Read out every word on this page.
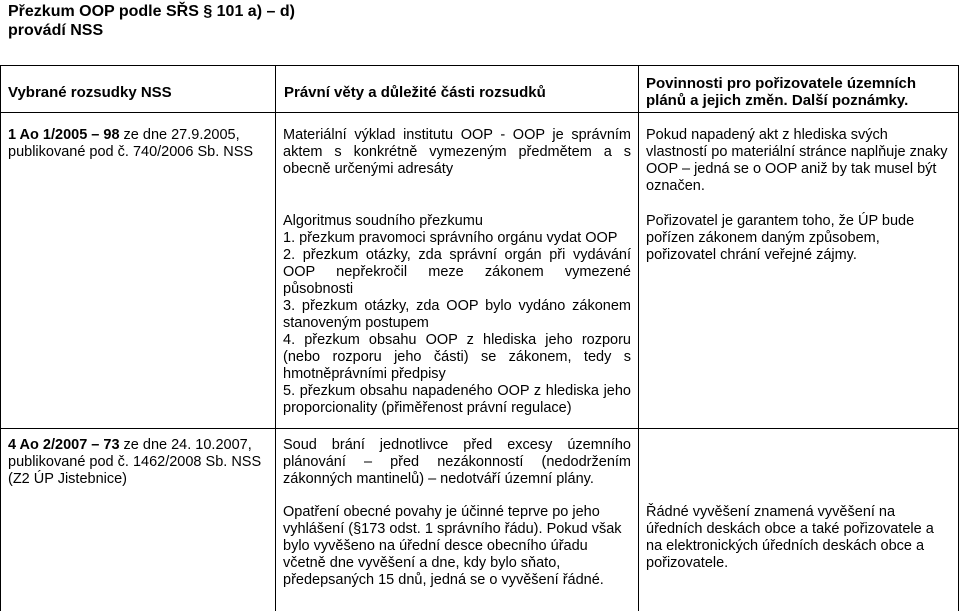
Přezkum OOP podle SŘS § 101 a) – d)
provádí NSS
Vybrané rozsudky NSS	Právní věty a důležité části rozsudků
Povinnosti pro pořizovatele územních
plánů a jejich změn. Další poznámky.
1 Ao 1/2005 – 98 ze dne 27.9.2005,
publikované pod č. 740/2006 Sb. NSS
Materiální výklad institutu OOP - OOP je správním aktem s konkrétně vymezeným předmětem a s obecně určenými adresáty
Pokud napadený akt z hlediska svých vlastností po materiální stránce naplňuje znaky OOP – jedná se o OOP aniž by tak musel být označen.

Algoritmus soudního přezkumu

1. přezkum pravomoci správního orgánu vydat OOP

2. přezkum otázky, zda správní orgán při vydávání OOP nepřekročil meze zákonem vymezené působnosti

3. přezkum otázky, zda OOP bylo vydáno zákonem stanoveným postupem

4. přezkum obsahu OOP z hlediska jeho rozporu (nebo rozporu jeho části) se zákonem, tedy s hmotněprávními předpisy

5. přezkum obsahu napadeného OOP z hlediska jeho proporcionality (přiměřenost právní regulace)

Pořizovatel je garantem toho, že ÚP bude pořízen zákonem daným způsobem, pořizovatel chrání veřejné zájmy.
4 Ao 2/2007 – 73 ze dne 24. 10.2007,
publikované pod č. 1462/2008 Sb. NSS
(Z2 ÚP Jistebnice)
Soud brání jednotlivce před excesy územního plánování – před nezákonností (nedodržením zákonných mantinelů) – nedotváří územní plány.
Opatření obecné povahy je účinné teprve po jeho vyhlášení (§173 odst. 1 správního řádu). Pokud však bylo vyvěšeno na úřední desce obecního úřadu včetně dne vyvěšení a dne, kdy bylo sňato, předepsaných 15 dnů, jedná se o vyvěšení řádné.
Řádné vyvěšení znamená vyvěšení na úředních deskách obce a také pořizovatele a na elektronických úředních deskách obce a pořizovatele.
